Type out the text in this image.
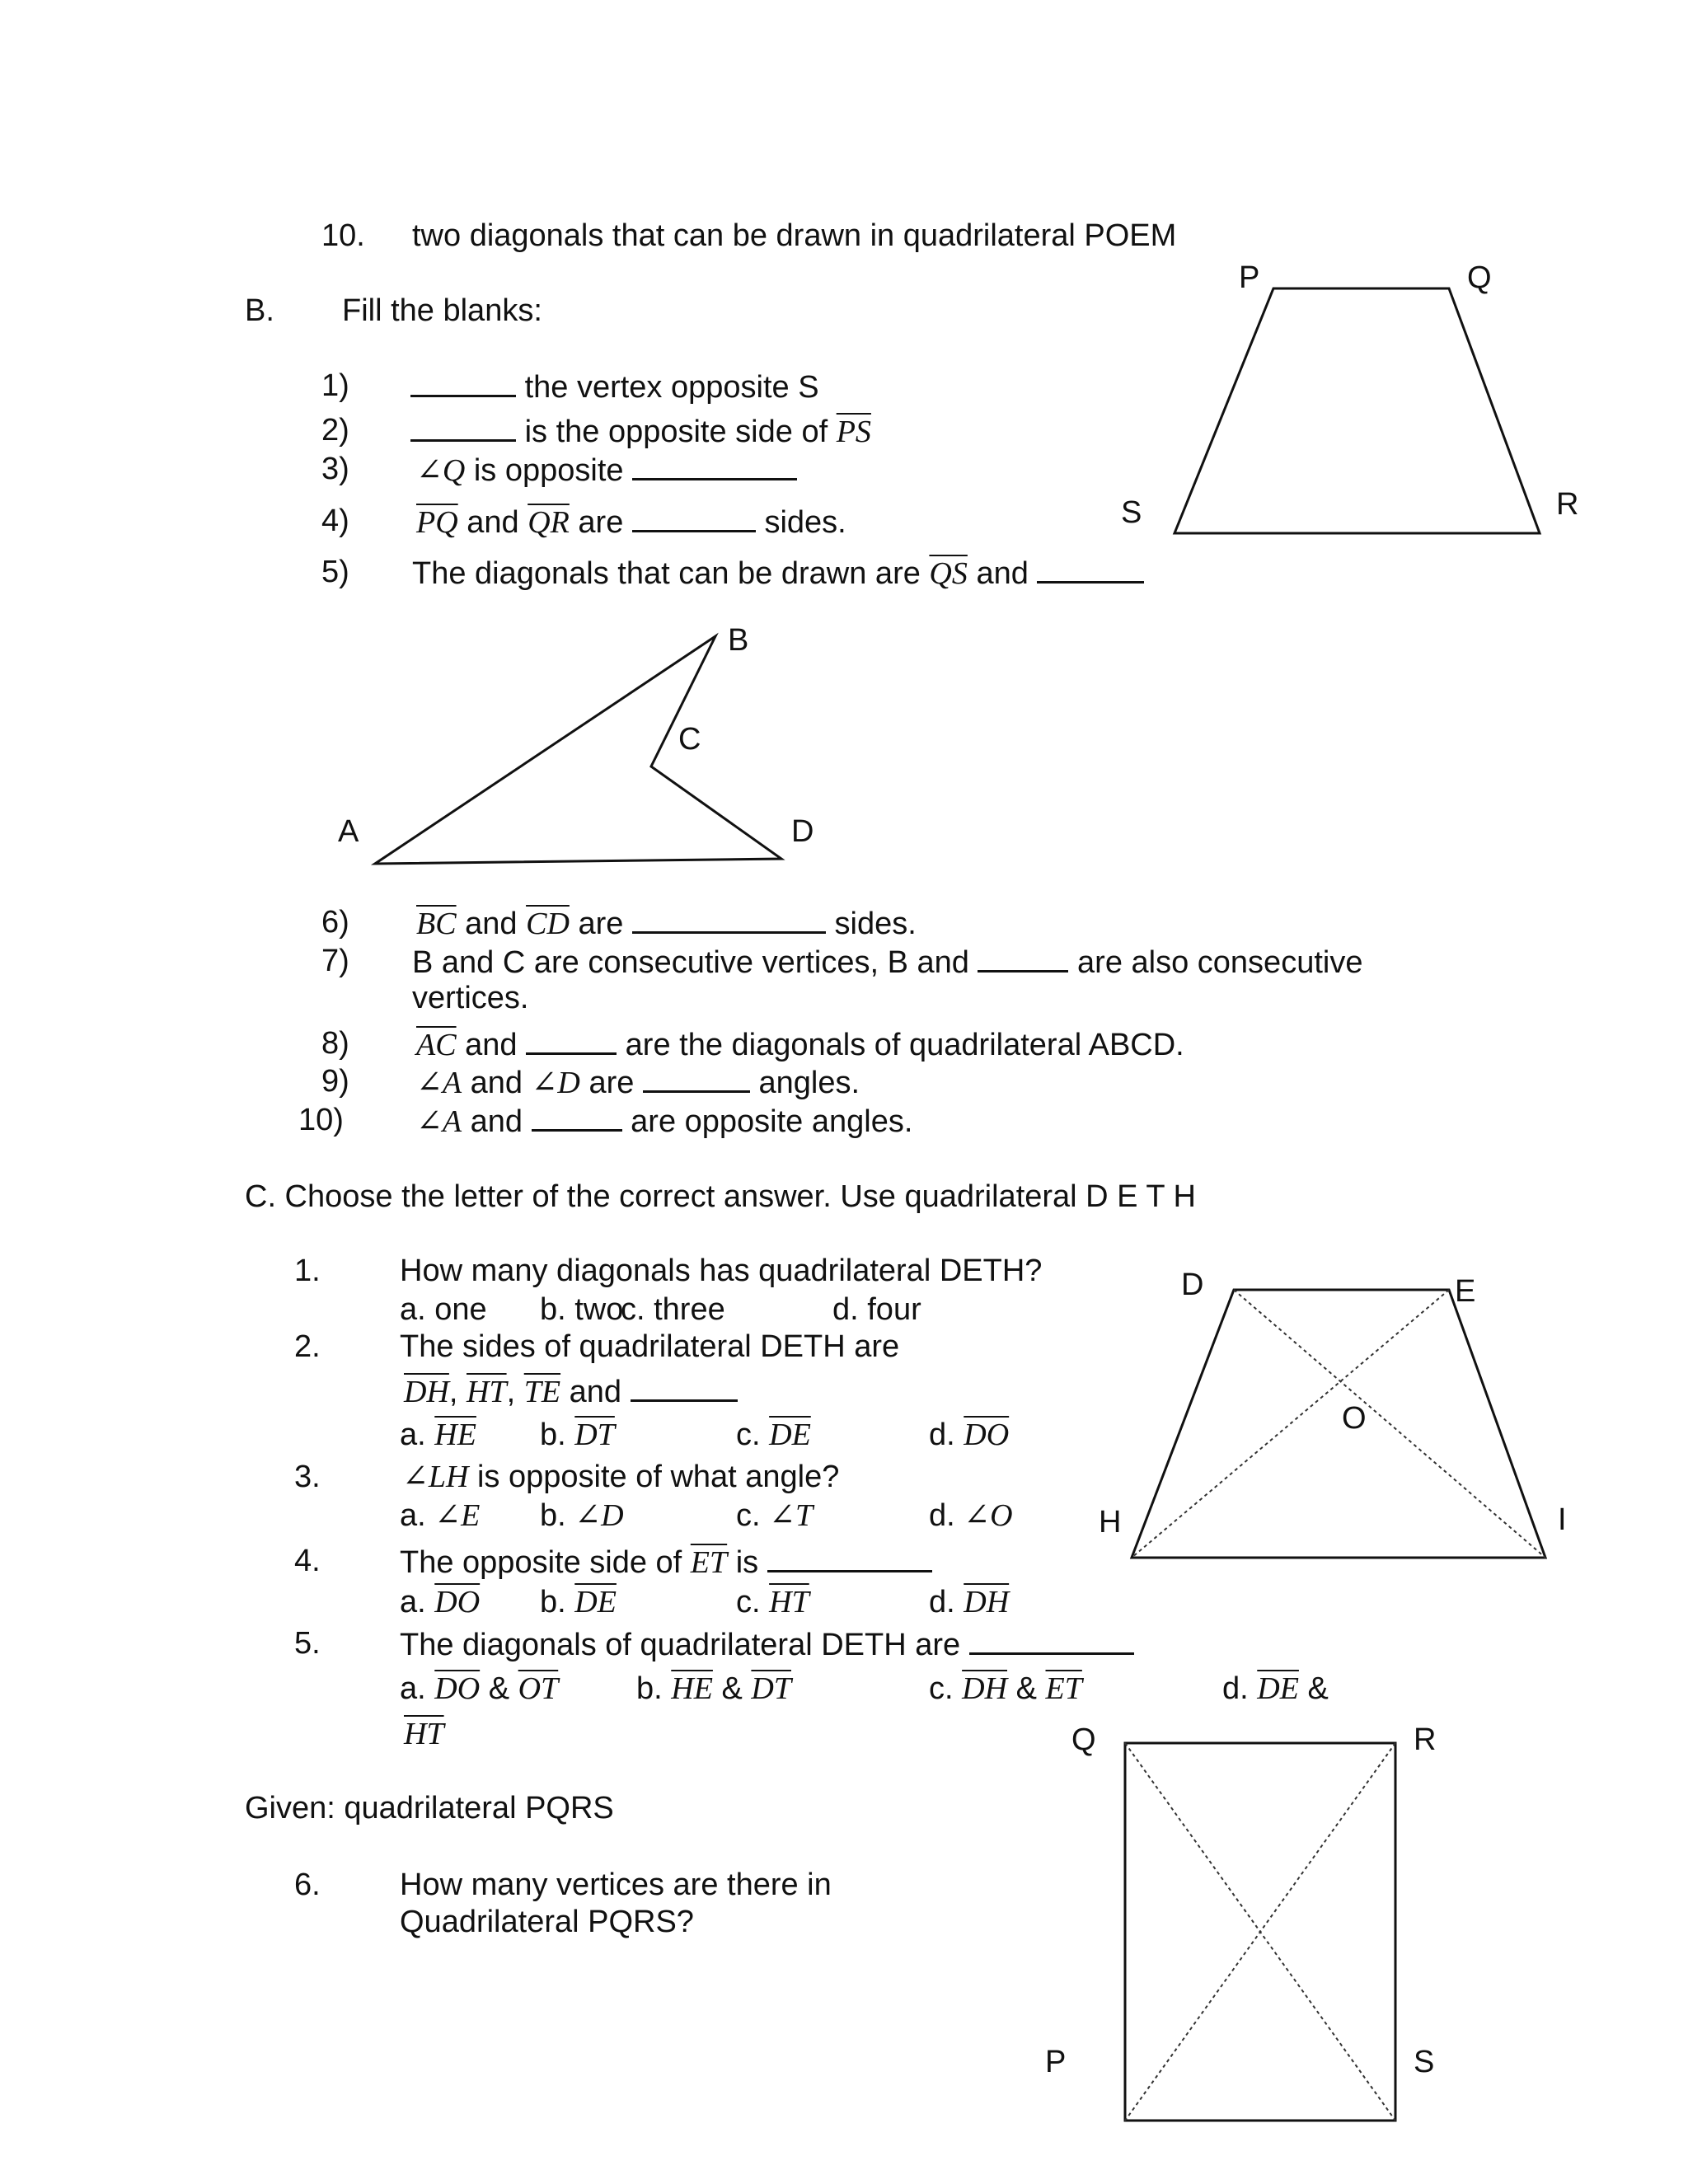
10. two diagonals that can be drawn in quadrilateral POEM
B. Fill the blanks:
1)	the vertex opposite S
2)	is the opposite side of $\overline{PS}$
3) ∠Q is opposite
4) $\overline{PQ}$ and $\overline{QR}$ are	sides.
5) The diagonals that can be drawn are $\overline{QS}$ and
P	Q
R
S
B
C
A	D
6) $\overline{BC}$ and $\overline{CD}$ are	sides.
7) B and C are consecutive vertices, B and	are also consecutive
vertices.
8) $\overline{AC}$ and	are the diagonals of quadrilateral ABCD.
9) ∠A and ∠D are	angles.
10) ∠A and	are opposite angles.
C. Choose the letter of the correct answer. Use quadrilateral D E T H
1.	How many diagonals has quadrilateral DETH?
a. one b. two
c. three	d. four
2.	The sides of quadrilateral DETH are
$\overline{DH}$, $\overline{HT}$, $\overline{TE}$ and
a. $\overline{HE}$ b. $\overline{DT}$	c. $\overline{DE}$	d. $\overline{DO}$
3.	∠LH is opposite of what angle?
a. ∠E b. ∠D	c. ∠T	d. ∠O
4.	The opposite side of $\overline{ET}$ is
a. $\overline{DO}$ b. $\overline{DE}$	c. $\overline{HT}$	d. $\overline{DH}$
5.	The diagonals of quadrilateral DETH are
a. $\overline{DO}$ & $\overline{OT}$ b. $\overline{HE}$ & $\overline{DT}$	c. $\overline{DH}$ & $\overline{ET}$	d. $\overline{DE}$ &
$\overline{HT}$
D	E
O
H	I
Given: quadrilateral PQRS
6.	How many vertices are there in
Quadrilateral PQRS?
Q	R
P	S
